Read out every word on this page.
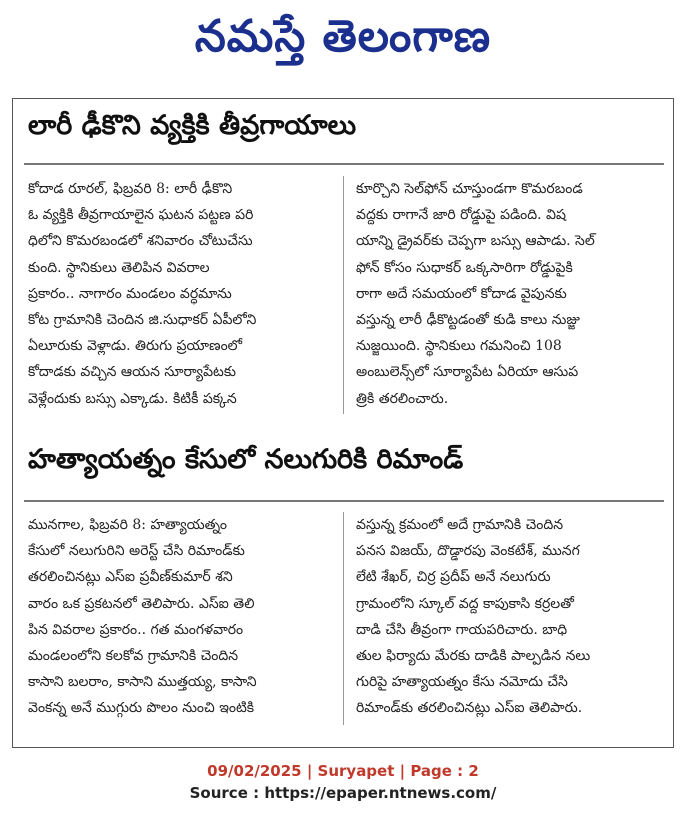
నమస్తే తెలంగాణ
లారీ ఢీకొని వ్యక్తికి తీవ్రగాయాలు
కోదాడ రూరల్, ఫిబ్రవరి 8: లారీ ఢీకొని
ఓ వ్యక్తికి తీవ్రగాయాలైన ఘటన పట్టణ పరి
ధిలోని కొమరబండలో శనివారం చోటుచేసు
కుంది. స్థానికులు తెలిపిన వివరాల
ప్రకారం.. నాగారం మండలం వర్ధమాను
కోట గ్రామానికి చెందిన జి.సుధాకర్ ఏపీలోని
ఏలూరుకు వెళ్లాడు. తిరుగు ప్రయాణంలో
కోదాడకు వచ్చిన ఆయన సూర్యాపేటకు
వెళ్లేందుకు బస్సు ఎక్కాడు. కిటికీ పక్కన
కూర్చొని సెల్‌ఫోన్ చూస్తుండగా కొమరబండ
వద్దకు రాగానే జారి రోడ్డుపై పడింది. విష
యాన్ని డ్రైవర్‌కు చెప్పగా బస్సు ఆపాడు. సెల్
ఫోన్ కోసం సుధాకర్ ఒక్కసారిగా రోడ్డుపైకి
రాగా అదే సమయంలో కోదాడ వైపునకు
వస్తున్న లారీ ఢీకొట్టడంతో కుడి కాలు నుజ్జు
నుజ్జయింది. స్థానికులు గమనించి 108
అంబులెన్స్‌లో సూర్యాపేట ఏరియా ఆసుప
త్రికి తరలించారు.
హత్యాయత్నం కేసులో నలుగురికి రిమాండ్
మునగాల, ఫిబ్రవరి 8: హత్యాయత్నం
కేసులో నలుగురిని అరెస్ట్ చేసి రిమాండ్‌కు
తరలించినట్లు ఎస్ఐ ప్రవీణ్‌కుమార్ శని
వారం ఒక ప్రకటనలో తెలిపారు. ఎస్ఐ తెలి
పిన వివరాల ప్రకారం.. గత మంగళవారం
మండలంలోని కలకోవ గ్రామానికి చెందిన
కాసాని బలరాం, కాసాని ముత్తయ్య, కాసాని
వెంకన్న అనే ముగ్గురు పొలం నుంచి ఇంటికి
వస్తున్న క్రమంలో అదే గ్రామానికి చెందిన
పనస విజయ్, దొడ్డారపు వెంకటేశ్, మునగ
లేటి శేఖర్, చిర్ర ప్రదీప్ అనే నలుగురు
గ్రామంలోని స్కూల్ వద్ద కాపుకాసి కర్రలతో
దాడి చేసి తీవ్రంగా గాయపరిచారు. బాధి
తుల ఫిర్యాదు మేరకు దాడికి పాల్పడిన నలు
గురిపై హత్యాయత్నం కేసు నమోదు చేసి
రిమాండ్‌కు తరలించినట్లు ఎస్ఐ తెలిపారు.
09/02/2025 | Suryapet | Page : 2
Source : https://epaper.ntnews.com/
